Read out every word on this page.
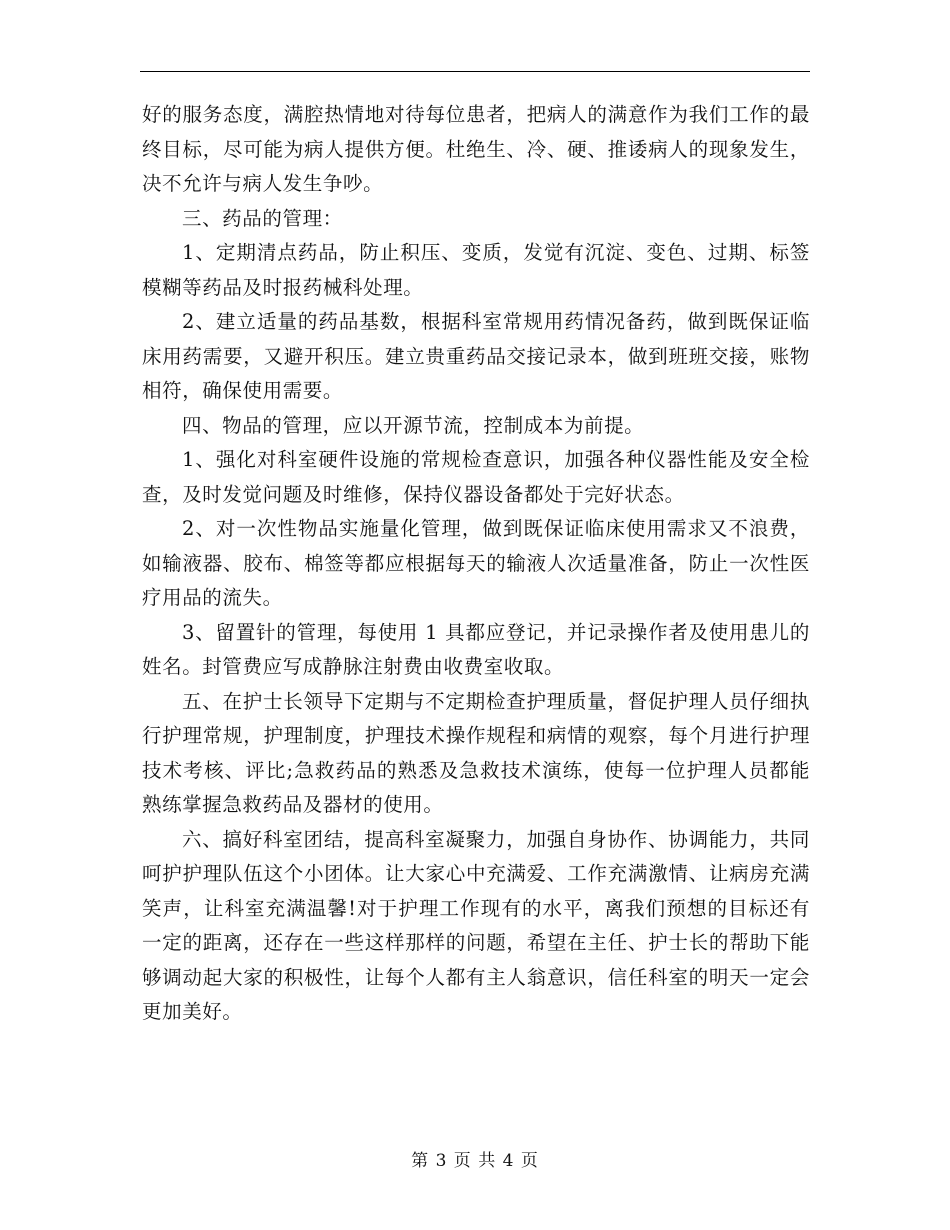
好的服务态度，满腔热情地对待每位患者，把病人的满意作为我们工作的最终目标，尽可能为病人提供方便。杜绝生、冷、硬、推诿病人的现象发生，决不允许与病人发生争吵。

三、药品的管理：

1、定期清点药品，防止积压、变质，发觉有沉淀、变色、过期、标签模糊等药品及时报药械科处理。

2、建立适量的药品基数，根据科室常规用药情况备药，做到既保证临床用药需要，又避开积压。建立贵重药品交接记录本，做到班班交接，账物相符，确保使用需要。

四、物品的管理，应以开源节流，控制成本为前提。

1、强化对科室硬件设施的常规检查意识，加强各种仪器性能及安全检查，及时发觉问题及时维修，保持仪器设备都处于完好状态。

2、对一次性物品实施量化管理，做到既保证临床使用需求又不浪费，如输液器、胶布、棉签等都应根据每天的输液人次适量准备，防止一次性医疗用品的流失。

3、留置针的管理，每使用 1 具都应登记，并记录操作者及使用患儿的姓名。封管费应写成静脉注射费由收费室收取。

五、在护士长领导下定期与不定期检查护理质量，督促护理人员仔细执行护理常规，护理制度，护理技术操作规程和病情的观察，每个月进行护理技术考核、评比;急救药品的熟悉及急救技术演练，使每一位护理人员都能熟练掌握急救药品及器材的使用。

六、搞好科室团结，提高科室凝聚力，加强自身协作、协调能力，共同呵护护理队伍这个小团体。让大家心中充满爱、工作充满激情、让病房充满笑声，让科室充满温馨!对于护理工作现有的水平，离我们预想的目标还有一定的距离，还存在一些这样那样的问题，希望在主任、护士长的帮助下能够调动起大家的积极性，让每个人都有主人翁意识，信任科室的明天一定会更加美好。

第 3 页 共 4 页
